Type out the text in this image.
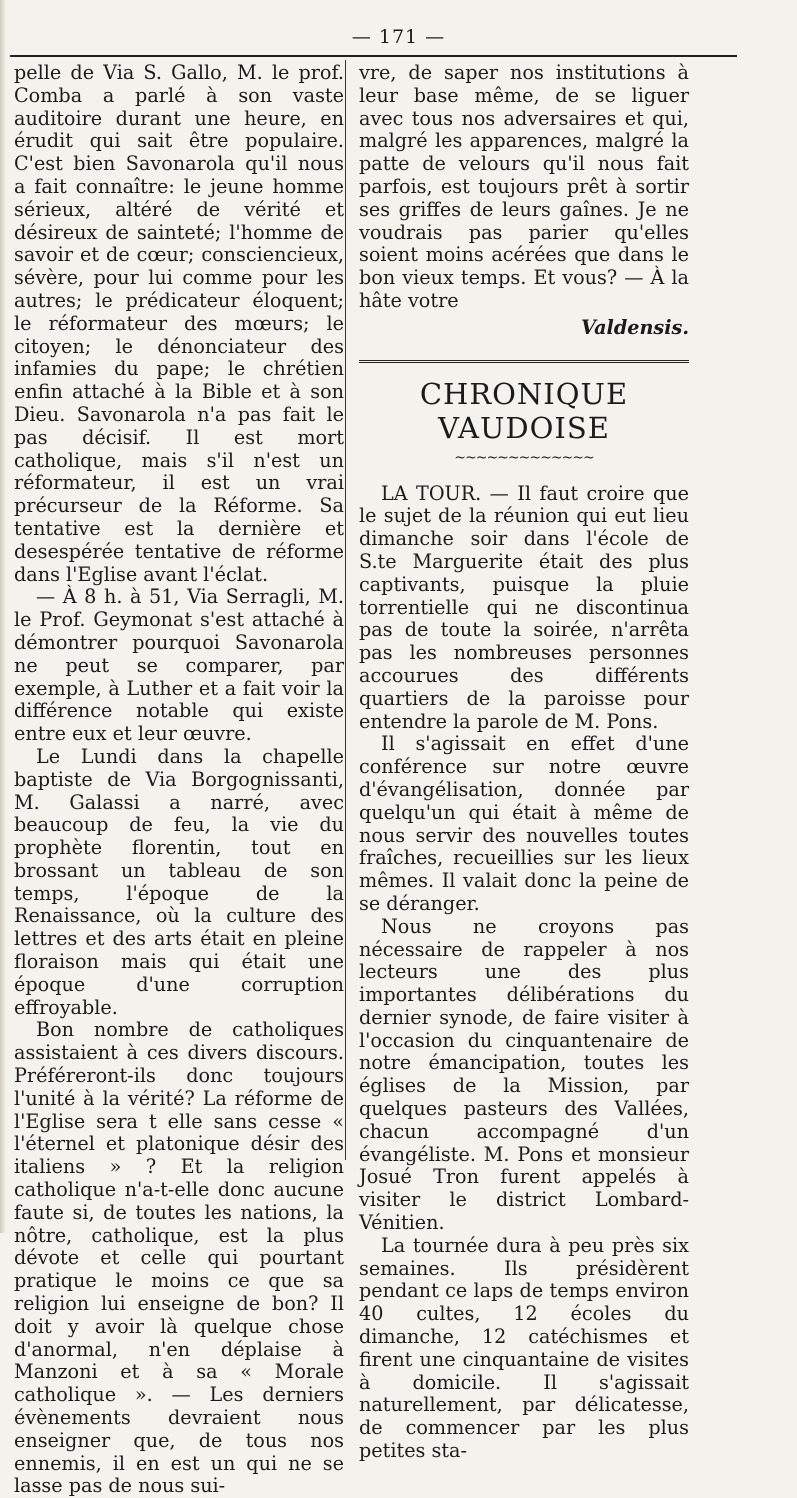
— 171 —

pelle de Via S. Gallo, M. le prof. Comba a parlé à son vaste auditoire durant une heure, en érudit qui sait être populaire. C'est bien Savonarola qu'il nous a fait connaître: le jeune homme sérieux, altéré de vérité et désireux de sainteté; l'homme de savoir et de cœur; consciencieux, sévère, pour lui comme pour les autres; le prédicateur éloquent; le réformateur des mœurs; le citoyen; le dénonciateur des infamies du pape; le chrétien enfin attaché à la Bible et à son Dieu. Savonarola n'a pas fait le pas décisif. Il est mort catholique, mais s'il n'est un réformateur, il est un vrai précurseur de la Réforme. Sa tentative est la dernière et desespérée tentative de réforme dans l'Eglise avant l'éclat.

— À 8 h. à 51, Via Serragli, M. le Prof. Geymonat s'est attaché à démontrer pourquoi Savonarola ne peut se comparer, par exemple, à Luther et a fait voir la différence notable qui existe entre eux et leur œuvre.

Le Lundi dans la chapelle baptiste de Via Borgognissanti, M. Galassi a narré, avec beaucoup de feu, la vie du prophète florentin, tout en brossant un tableau de son temps, l'époque de la Renaissance, où la culture des lettres et des arts était en pleine floraison mais qui était une époque d'une corruption effroyable.

Bon nombre de catholiques assistaient à ces divers discours. Préféreront-ils donc toujours l'unité à la vérité? La réforme de l'Eglise sera t elle sans cesse « l'éternel et platonique désir des italiens » ? Et la religion catholique n'a-t-elle donc aucune faute si, de toutes les nations, la nôtre, catholique, est la plus dévote et celle qui pourtant pratique le moins ce que sa religion lui enseigne de bon? Il doit y avoir là quelque chose d'anormal, n'en déplaise à Manzoni et à sa « Morale catholique ». — Les derniers évènements devraient nous enseigner que, de tous nos ennemis, il en est un qui ne se lasse pas de nous sui-

vre, de saper nos institutions à leur base même, de se liguer avec tous nos adversaires et qui, malgré les apparences, malgré la patte de velours qu'il nous fait parfois, est toujours prêt à sortir ses griffes de leurs gaînes. Je ne voudrais pas parier qu'elles soient moins acérées que dans le bon vieux temps. Et vous? — À la hâte votre

Valdensis.
CHRONIQUE VAUDOISE
~~~~~~~~~~~~~

LA TOUR. — Il faut croire que le sujet de la réunion qui eut lieu dimanche soir dans l'école de S.te Marguerite était des plus captivants, puisque la pluie torrentielle qui ne discontinua pas de toute la soirée, n'arrêta pas les nombreuses personnes accourues des différents quartiers de la paroisse pour entendre la parole de M. Pons.

Il s'agissait en effet d'une conférence sur notre œuvre d'évangélisation, donnée par quelqu'un qui était à même de nous servir des nouvelles toutes fraîches, recueillies sur les lieux mêmes. Il valait donc la peine de se déranger.

Nous ne croyons pas nécessaire de rappeler à nos lecteurs une des plus importantes délibérations du dernier synode, de faire visiter à l'occasion du cinquantenaire de notre émancipation, toutes les églises de la Mission, par quelques pasteurs des Vallées, chacun accompagné d'un évangéliste. M. Pons et monsieur Josué Tron furent appelés à visiter le district Lombard-Vénitien.

La tournée dura à peu près six semaines. Ils présidèrent pendant ce laps de temps environ 40 cultes, 12 écoles du dimanche, 12 catéchismes et firent une cinquantaine de visites à domicile. Il s'agissait naturellement, par délicatesse, de commencer par les plus petites sta-
